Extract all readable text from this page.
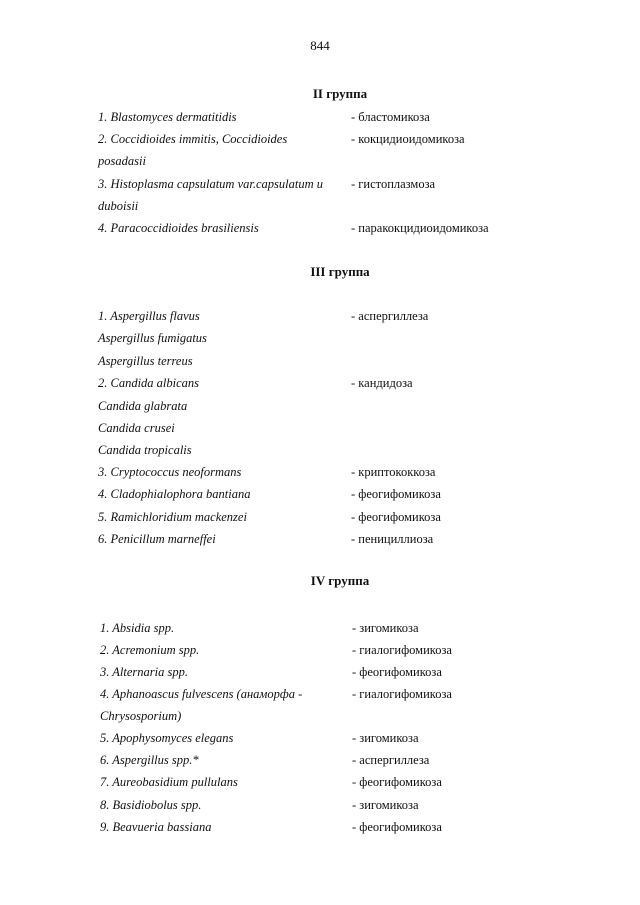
844
II группа
1. Blastomyces dermatitidis	- бластомикоза
2. Coccidioides immitis, Coccidioides	- кокцидиоидомикоза
posadasii
3. Histoplasma capsulatum var.capsulatum и - гистоплазмоза
duboisii
4. Paracoccidioides brasiliensis	- паракокцидиоидомикоза
III группа
1. Aspergillus flavus	- аспергиллеза
Aspergillus fumigatus
Aspergillus terreus
2. Candida albicans	- кандидоза
Candida glabrata
Candida crusei
Candida tropicalis
3. Cryptococcus neoformans	- криптококкоза
4. Cladophialophora bantiana	- феогифомикоза
5. Ramichloridium mackenzei	- феогифомикоза
6. Penicillum marneffei	- пенициллиоза
IV группа
1. Absidia spp.	- зигомикоза
2. Acremonium spp.	- гиалогифомикоза
3. Alternaria spp.	- феогифомикоза
4. Aphanoascus fulvescens (анаморфа -	- гиалогифомикоза
Chrysosporium)
5. Apophysomyces elegans	- зигомикоза
6. Aspergillus spp.*	- аспергиллеза
7. Aureobasidium pullulans	- феогифомикоза
8. Basidiobolus spp.	- зигомикоза
9. Beavueria bassiana	- феогифомикоза
